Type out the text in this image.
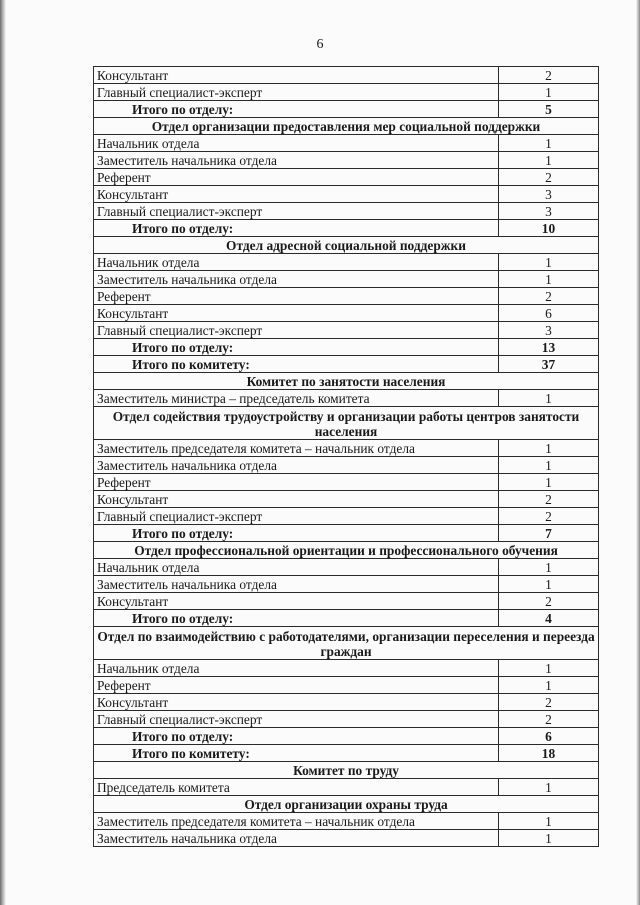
6
Консультант	2
Главный специалист-эксперт	1
Итого по отделу:	5
Отдел организации предоставления мер социальной поддержки	
Начальник отдела	1
Заместитель начальника отдела	1
Референт	2
Консультант	3
Главный специалист-эксперт	3
Итого по отделу:	10
Отдел адресной социальной поддержки	
Начальник отдела	1
Заместитель начальника отдела	1
Референт	2
Консультант	6
Главный специалист-эксперт	3
Итого по отделу:	13
Итого по комитету:	37
Комитет по занятости населения	
Заместитель министра – председатель комитета	1
Отдел содействия трудоустройству и организации работы центров занятости населения	
Заместитель председателя комитета – начальник отдела	1
Заместитель начальника отдела	1
Референт	1
Консультант	2
Главный специалист-эксперт	2
Итого по отделу:	7
Отдел профессиональной ориентации и профессионального обучения	
Начальник отдела	1
Заместитель начальника отдела	1
Консультант	2
Итого по отделу:	4
Отдел по взаимодействию с работодателями, организации переселения и переезда граждан	
Начальник отдела	1
Референт	1
Консультант	2
Главный специалист-эксперт	2
Итого по отделу:	6
Итого по комитету:	18
Комитет по труду	
Председатель комитета	1
Отдел организации охраны труда	
Заместитель председателя комитета – начальник отдела	1
Заместитель начальника отдела	1
